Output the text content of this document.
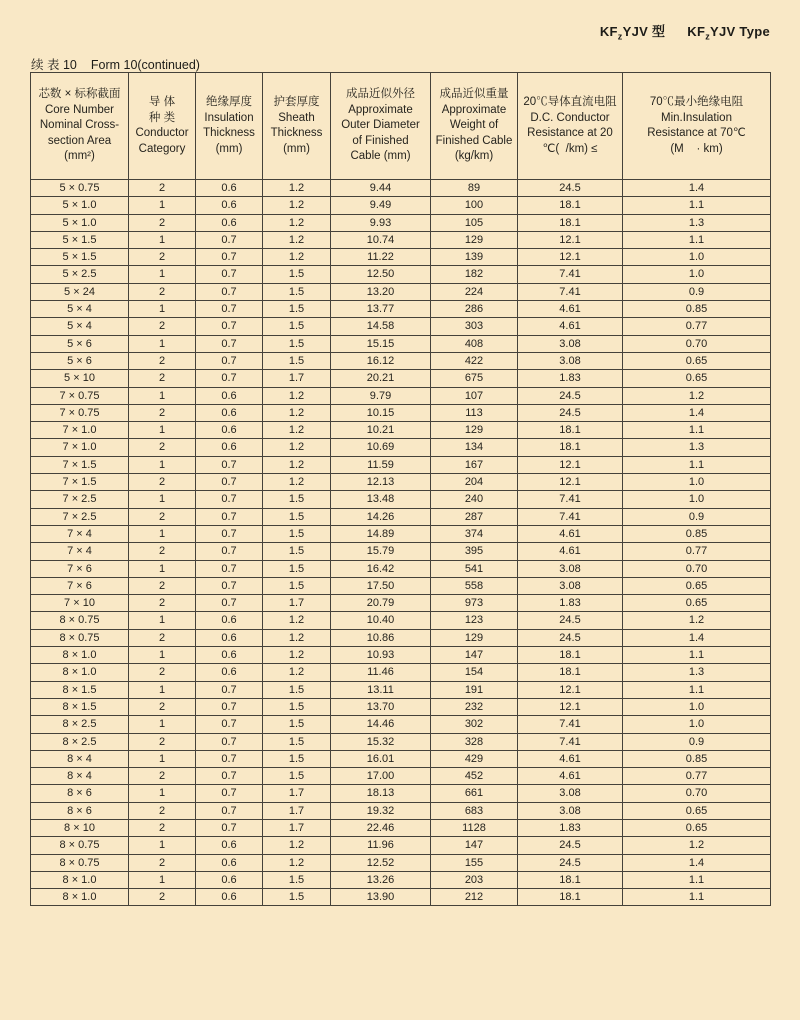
$KF_zYJV$ 型 $KF_zYJV$ Type
续 表 10 Form 10(continued)
芯数 × 标称截面
Core Number
Nominal Cross-
section Area
(mm²)

导 体
种 类
Conductor
Category

绝缘厚度
Insulation
Thickness
(mm)

护套厚度
Sheath
Thickness
(mm)

成品近似外径
Approximate
Outer Diameter
of Finished
Cable (mm)

成品近似重量
Approximate
Weight of
Finished Cable
(kg/km)

20℃导体直流电阻
D.C. Conductor
Resistance at 20
℃(  /km) ≤

70℃最小绝缘电阻
Min.Insulation
Resistance at 70℃
(M    · km)

5 × 0.75	2	0.6	1.2	9.44	89	24.5	1.4
5 × 1.0	1	0.6	1.2	9.49	100	18.1	1.1
5 × 1.0	2	0.6	1.2	9.93	105	18.1	1.3
5 × 1.5	1	0.7	1.2	10.74	129	12.1	1.1
5 × 1.5	2	0.7	1.2	11.22	139	12.1	1.0
5 × 2.5	1	0.7	1.5	12.50	182	7.41	1.0
5 × 24	2	0.7	1.5	13.20	224	7.41	0.9
5 × 4	1	0.7	1.5	13.77	286	4.61	0.85
5 × 4	2	0.7	1.5	14.58	303	4.61	0.77
5 × 6	1	0.7	1.5	15.15	408	3.08	0.70
5 × 6	2	0.7	1.5	16.12	422	3.08	0.65
5 × 10	2	0.7	1.7	20.21	675	1.83	0.65
7 × 0.75	1	0.6	1.2	9.79	107	24.5	1.2
7 × 0.75	2	0.6	1.2	10.15	113	24.5	1.4
7 × 1.0	1	0.6	1.2	10.21	129	18.1	1.1
7 × 1.0	2	0.6	1.2	10.69	134	18.1	1.3
7 × 1.5	1	0.7	1.2	11.59	167	12.1	1.1
7 × 1.5	2	0.7	1.2	12.13	204	12.1	1.0
7 × 2.5	1	0.7	1.5	13.48	240	7.41	1.0
7 × 2.5	2	0.7	1.5	14.26	287	7.41	0.9
7 × 4	1	0.7	1.5	14.89	374	4.61	0.85
7 × 4	2	0.7	1.5	15.79	395	4.61	0.77
7 × 6	1	0.7	1.5	16.42	541	3.08	0.70
7 × 6	2	0.7	1.5	17.50	558	3.08	0.65
7 × 10	2	0.7	1.7	20.79	973	1.83	0.65
8 × 0.75	1	0.6	1.2	10.40	123	24.5	1.2
8 × 0.75	2	0.6	1.2	10.86	129	24.5	1.4
8 × 1.0	1	0.6	1.2	10.93	147	18.1	1.1
8 × 1.0	2	0.6	1.2	11.46	154	18.1	1.3
8 × 1.5	1	0.7	1.5	13.11	191	12.1	1.1
8 × 1.5	2	0.7	1.5	13.70	232	12.1	1.0
8 × 2.5	1	0.7	1.5	14.46	302	7.41	1.0
8 × 2.5	2	0.7	1.5	15.32	328	7.41	0.9
8 × 4	1	0.7	1.5	16.01	429	4.61	0.85
8 × 4	2	0.7	1.5	17.00	452	4.61	0.77
8 × 6	1	0.7	1.7	18.13	661	3.08	0.70
8 × 6	2	0.7	1.7	19.32	683	3.08	0.65
8 × 10	2	0.7	1.7	22.46	1128	1.83	0.65
8 × 0.75	1	0.6	1.2	11.96	147	24.5	1.2
8 × 0.75	2	0.6	1.2	12.52	155	24.5	1.4
8 × 1.0	1	0.6	1.5	13.26	203	18.1	1.1
8 × 1.0	2	0.6	1.5	13.90	212	18.1	1.1
